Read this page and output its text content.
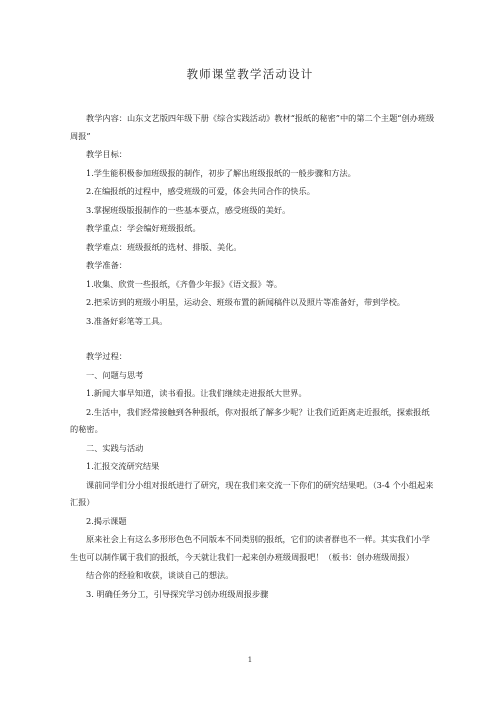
教师课堂教学活动设计

教学内容：山东文艺版四年级下册《综合实践活动》教材“报纸的秘密”中的第二个主题“创办班级周报”

教学目标：

1.学生能积极参加班级报的制作，初步了解出班级报纸的一般步骤和方法。

2.在编报纸的过程中，感受班级的可爱，体会共同合作的快乐。

3.掌握班级版报制作的一些基本要点，感受班级的美好。

教学重点：学会编好班级报纸。

教学难点：班级报纸的选材、排版、美化。

教学准备：

1.收集、欣赏一些报纸，《齐鲁少年报》《语文报》等。

2.把采访到的班级小明星，运动会、班级布置的新闻稿件以及照片等准备好，带到学校。

3.准备好彩笔等工具。

教学过程：

一、问题与思考

1.新闻大事早知道，读书看报。让我们继续走进报纸大世界。

2.生活中，我们经常接触到各种报纸，你对报纸了解多少呢？让我们近距离走近报纸，探索报纸的秘密。

二、实践与活动

1.汇报交流研究结果

课前同学们分小组对报纸进行了研究，现在我们来交流一下你们的研究结果吧。（3-4 个小组起来汇报）

2.揭示课题

原来社会上有这么多形形色色不同版本不同类别的报纸，它们的读者群也不一样。其实我们小学生也可以制作属于我们的报纸，今天就让我们一起来创办班级周报吧！（板书：创办班级周报）

结合你的经验和收获，谈谈自己的想法。

3. 明确任务分工，引导探究学习创办班级周报步骤

1
